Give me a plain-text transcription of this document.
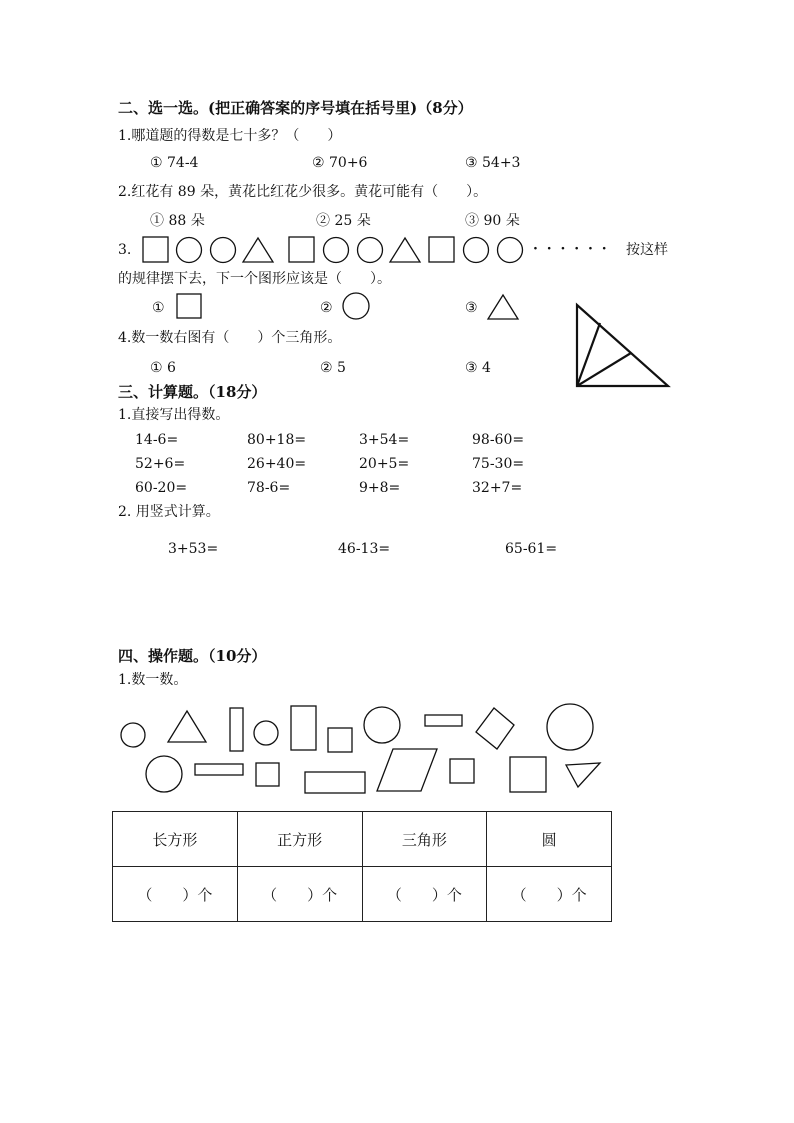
二、选一选。(把正确答案的序号填在括号里)（8分）
1.哪道题的得数是七十多？（　　）
① 74-4	② 70+6	③ 54+3
2.红花有 89 朵，黄花比红花少很多。黄花可能有（　　）。
① 88 朵	② 25 朵	③ 90 朵
3.	· · · · · · 按这样
的规律摆下去，下一个图形应该是（　　）。
①	②	③
4.数一数右图有（　　）个三角形。
① 6	② 5	③ 4
三、计算题。（18分）
1.直接写出得数。
14-6=	80+18=	3+54=	98-60=
52+6=	26+40=	20+5=	75-30=
60-20=	78-6=	9+8=	32+7=
2. 用竖式计算。
3+53=	46-13=	65-61=
四、操作题。（10分）
1.数一数。
长方形	正方形	三角形	圆
（　　）个	（　　）个	（　　）个	（　　）个
